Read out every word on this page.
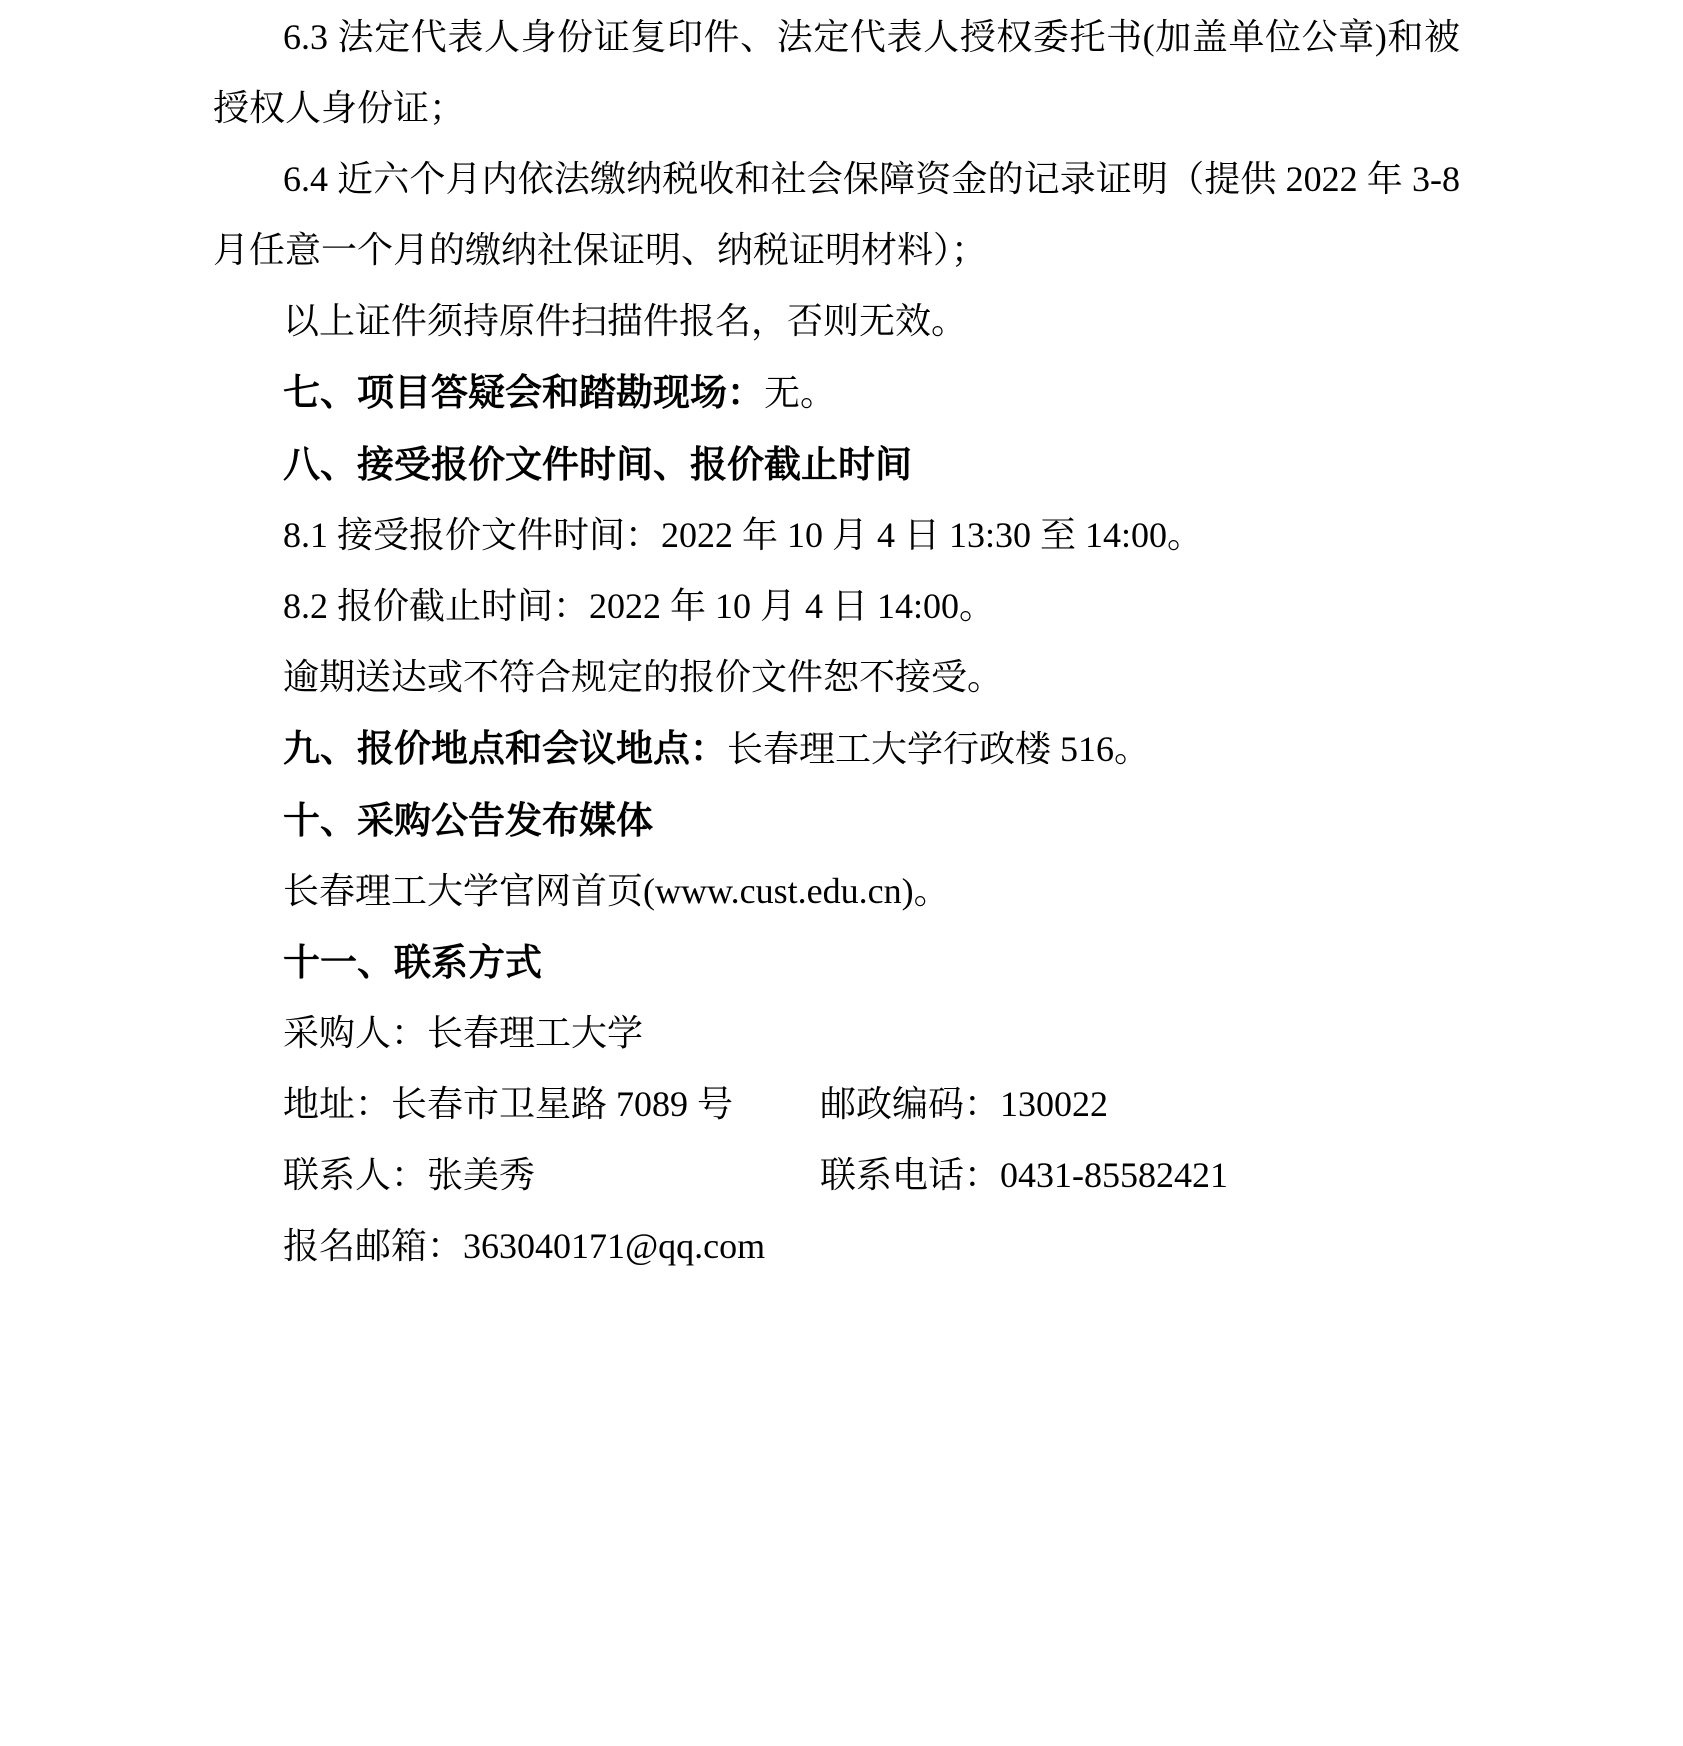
6.3 法定代表人身份证复印件、法定代表人授权委托书(加盖单位公章)和被授权人身份证；

6.4 近六个月内依法缴纳税收和社会保障资金的记录证明（提供 2022 年 3-8 月任意一个月的缴纳社保证明、纳税证明材料）；

以上证件须持原件扫描件报名，否则无效。

七、项目答疑会和踏勘现场：无。

八、接受报价文件时间、报价截止时间

8.1 接受报价文件时间：2022 年 10 月 4 日 13:30 至 14:00。

8.2 报价截止时间：2022 年 10 月 4 日 14:00。

逾期送达或不符合规定的报价文件恕不接受。

九、报价地点和会议地点：长春理工大学行政楼 516。

十、采购公告发布媒体

长春理工大学官网首页(www.cust.edu.cn)。

十一、联系方式

采购人：长春理工大学

地址：长春市卫星路 7089 号 邮政编码：130022

联系人：张美秀	联系电话：0431-85582421

报名邮箱：363040171@qq.com
